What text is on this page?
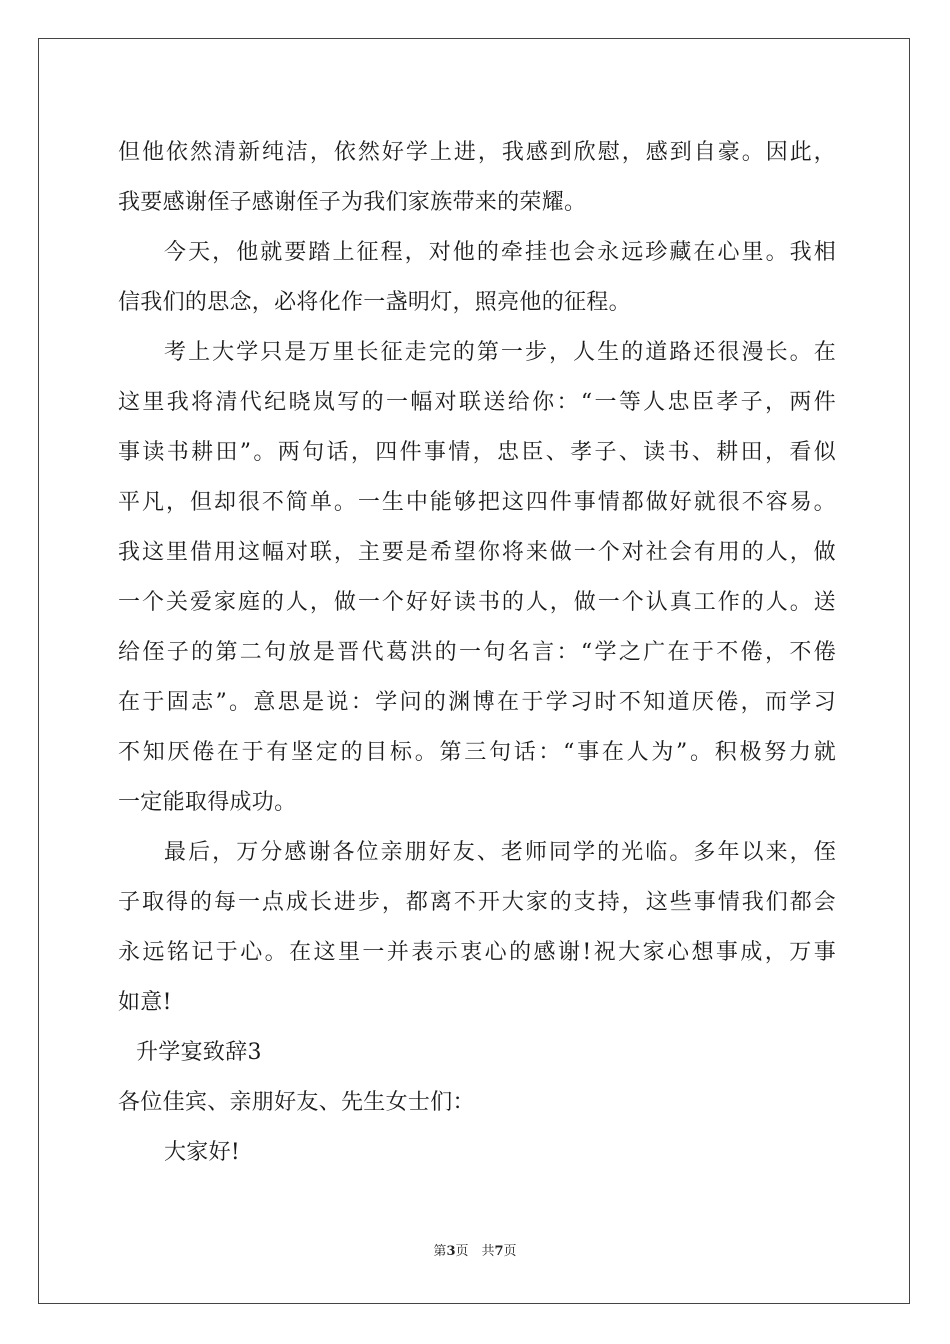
但他依然清新纯洁，依然好学上进，我感到欣慰，感到自豪。因此，
我要感谢侄子感谢侄子为我们家族带来的荣耀。
今天，他就要踏上征程，对他的牵挂也会永远珍藏在心里。我相
信我们的思念，必将化作一盏明灯，照亮他的征程。
考上大学只是万里长征走完的第一步，人生的道路还很漫长。在
这里我将清代纪晓岚写的一幅对联送给你：“一等人忠臣孝子，两件
事读书耕田”。两句话，四件事情，忠臣、孝子、读书、耕田，看似
平凡，但却很不简单。一生中能够把这四件事情都做好就很不容易。
我这里借用这幅对联，主要是希望你将来做一个对社会有用的人，做
一个关爱家庭的人，做一个好好读书的人，做一个认真工作的人。送
给侄子的第二句放是晋代葛洪的一句名言：“学之广在于不倦，不倦
在于固志”。意思是说：学问的渊博在于学习时不知道厌倦，而学习
不知厌倦在于有坚定的目标。第三句话：“事在人为”。积极努力就
一定能取得成功。
最后，万分感谢各位亲朋好友、老师同学的光临。多年以来，侄
子取得的每一点成长进步，都离不开大家的支持，这些事情我们都会
永远铭记于心。在这里一并表示衷心的感谢!祝大家心想事成，万事
如意!
升学宴致辞3
各位佳宾、亲朋好友、先生女士们：
大家好!
第3页　共7页
